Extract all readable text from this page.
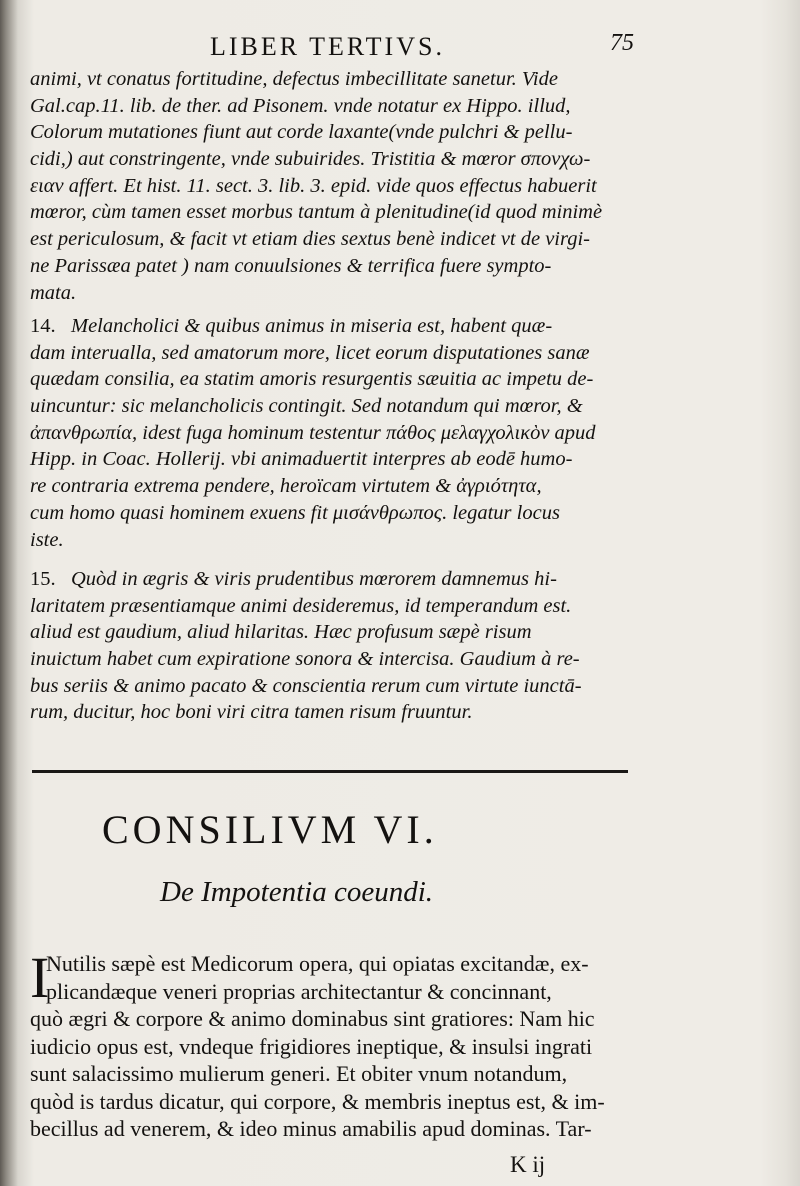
LIBER TERTIVS.	75
animi, vt conatus fortitudine, defectus imbecillitate sanetur. Vide
Gal.cap.11. lib. de ther. ad Pisonem. vnde notatur ex Hippo. illud,
Colorum mutationes fiunt aut corde laxante(vnde pulchri & pellu-
cidi,) aut constringente, vnde subuirides. Tristitia & mœror σπονχω-
ειαν affert. Et hist. 11. sect. 3. lib. 3. epid. vide quos effectus habuerit
mœror, cùm tamen esset morbus tantum à plenitudine(id quod minimè
est periculosum, & facit vt etiam dies sextus benè indicet vt de virgi-
ne Parissæa patet ) nam conuulsiones & terrifica fuere sympto-
mata.
14. Melancholici & quibus animus in miseria est, habent quæ-
dam interualla, sed amatorum more, licet eorum disputationes sanæ
quædam consilia, ea statim amoris resurgentis sæuitia ac impetu de-
uincuntur: sic melancholicis contingit. Sed notandum qui mœror, &
ἀπανθρωπία, idest fuga hominum testentur πάθος μελαγχολικὸν apud
Hipp. in Coac. Hollerij. vbi animaduertit interpres ab eodē humo-
re contraria extrema pendere, heroïcam virtutem & ἀγριότητα,
cum homo quasi hominem exuens fit μισάνθρωπος. legatur locus
iste.
15. Quòd in ægris & viris prudentibus mœrorem damnemus hi-
laritatem præsentiamque animi desideremus, id temperandum est.
aliud est gaudium, aliud hilaritas. Hæc profusum sæpè risum
inuictum habet cum expiratione sonora & intercisa. Gaudium à re-
bus seriis & animo pacato & conscientia rerum cum virtute iunctā-
rum, ducitur, hoc boni viri citra tamen risum fruuntur.
CONSILIVM VI.
De Impotentia coeundi.
I
Nutilis sæpè est Medicorum opera, qui opiatas excitandæ, ex-
plicandæque veneri proprias architectantur & concinnant,
quò ægri & corpore & animo dominabus sint gratiores: Nam hic
iudicio opus est, vndeque frigidiores ineptique, & insulsi ingrati
sunt salacissimo mulierum generi. Et obiter vnum notandum,
quòd is tardus dicatur, qui corpore, & membris ineptus est, & im-
becillus ad venerem, & ideo minus amabilis apud dominas. Tar-
K ij
